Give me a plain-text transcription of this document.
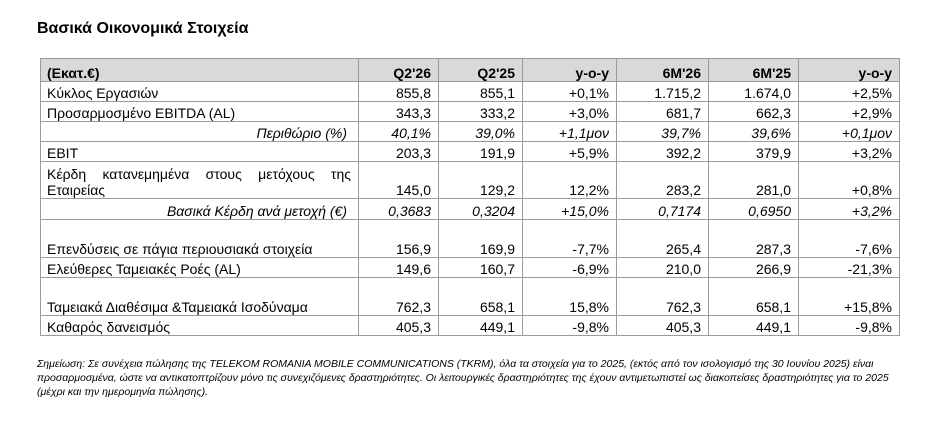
Βασικά Οικονομικά Στοιχεία
(Εκατ.€)	Q2'26	Q2'25	y-o-y	6M'26	6M'25	y-o-y
Κύκλος Εργασιών	855,8	855,1	+0,1%	1.715,2	1.674,0	+2,5%
Προσαρμοσμένο EBITDA (AL)	343,3	333,2	+3,0%	681,7	662,3	+2,9%
Περιθώριο (%)	40,1%	39,0%	+1,1μον	39,7%	39,6%	+0,1μον
EBIT	203,3	191,9	+5,9%	392,2	379,9	+3,2%
Κέρδη κατανεμημένα στους μετόχους της Εταιρείας	145,0	129,2	12,2%	283,2	281,0	+0,8%
Βασικά Κέρδη ανά μετοχή (€)	0,3683	0,3204	+15,0%	0,7174	0,6950	+3,2%
Επενδύσεις σε πάγια περιουσιακά στοιχεία	156,9	169,9	-7,7%	265,4	287,3	-7,6%
Ελεύθερες Ταμειακές Ροές (AL)	149,6	160,7	-6,9%	210,0	266,9	-21,3%
Ταμειακά Διαθέσιμα &Ταμειακά Ισοδύναμα	762,3	658,1	15,8%	762,3	658,1	+15,8%
Καθαρός δανεισμός	405,3	449,1	-9,8%	405,3	449,1	-9,8%
Σημείωση: Σε συνέχεια πώλησης της TELEKOM ROMANIA MOBILE COMMUNICATIONS (TKRM), όλα τα στοιχεία για το 2025, (εκτός από τον ισολογισμό της 30 Ιουνίου 2025) είναι προσαρμοσμένα, ώστε να αντικατοπτρίζουν μόνο τις συνεχιζόμενες δραστηριότητες. Οι λειτουργικές δραστηριότητες της έχουν αντιμετωπιστεί ως διακοπείσες δραστηριότητες για το 2025 (μέχρι και την ημερομηνία πώλησης).
